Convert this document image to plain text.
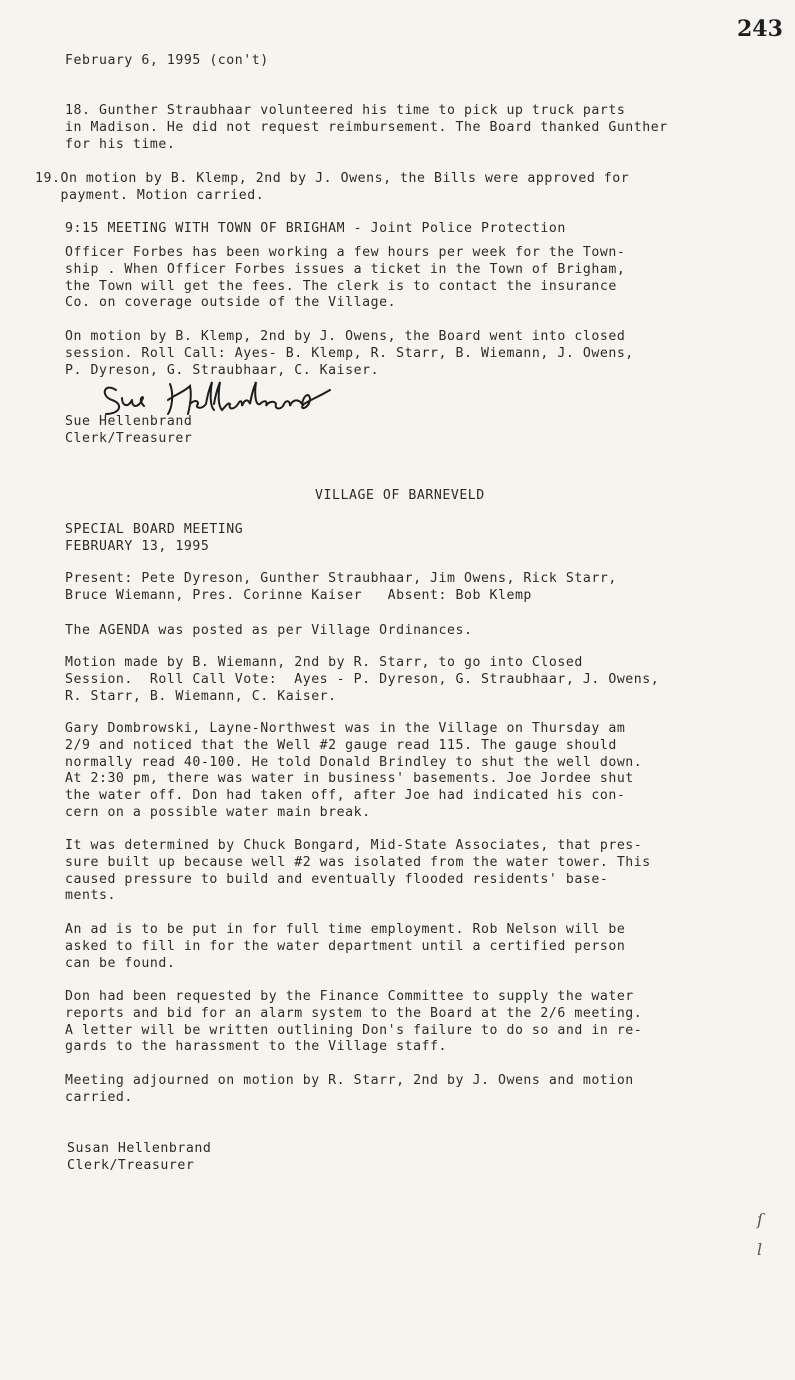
243
February 6, 1995 (con't)
18. Gunther Straubhaar volunteered his time to pick up truck parts
in Madison. He did not request reimbursement. The Board thanked Gunther
for his time.
19.On motion by B. Klemp, 2nd by J. Owens, the Bills were approved for
payment. Motion carried.
9:15 MEETING WITH TOWN OF BRIGHAM - Joint Police Protection
Officer Forbes has been working a few hours per week for the Town-
ship . When Officer Forbes issues a ticket in the Town of Brigham,
the Town will get the fees. The clerk is to contact the insurance
Co. on coverage outside of the Village.
On motion by B. Klemp, 2nd by J. Owens, the Board went into closed
session. Roll Call: Ayes- B. Klemp, R. Starr, B. Wiemann, J. Owens,
P. Dyreson, G. Straubhaar, C. Kaiser.
Sue Hellenbrand
Clerk/Treasurer
VILLAGE OF BARNEVELD
SPECIAL BOARD MEETING
FEBRUARY 13, 1995
Present: Pete Dyreson, Gunther Straubhaar, Jim Owens, Rick Starr,
Bruce Wiemann, Pres. Corinne Kaiser   Absent: Bob Klemp
The AGENDA was posted as per Village Ordinances.
Motion made by B. Wiemann, 2nd by R. Starr, to go into Closed
Session.  Roll Call Vote:  Ayes - P. Dyreson, G. Straubhaar, J. Owens,
R. Starr, B. Wiemann, C. Kaiser.
Gary Dombrowski, Layne-Northwest was in the Village on Thursday am
2/9 and noticed that the Well #2 gauge read 115. The gauge should
normally read 40-100. He told Donald Brindley to shut the well down.
At 2:30 pm, there was water in business' basements. Joe Jordee shut
the water off. Don had taken off, after Joe had indicated his con-
cern on a possible water main break.
It was determined by Chuck Bongard, Mid-State Associates, that pres-
sure built up because well #2 was isolated from the water tower. This
caused pressure to build and eventually flooded residents' base-
ments.
An ad is to be put in for full time employment. Rob Nelson will be
asked to fill in for the water department until a certified person
can be found.
Don had been requested by the Finance Committee to supply the water
reports and bid for an alarm system to the Board at the 2/6 meeting.
A letter will be written outlining Don's failure to do so and in re-
gards to the harassment to the Village staff.
Meeting adjourned on motion by R. Starr, 2nd by J. Owens and motion
carried.
Susan Hellenbrand
Clerk/Treasurer
ſ
l
